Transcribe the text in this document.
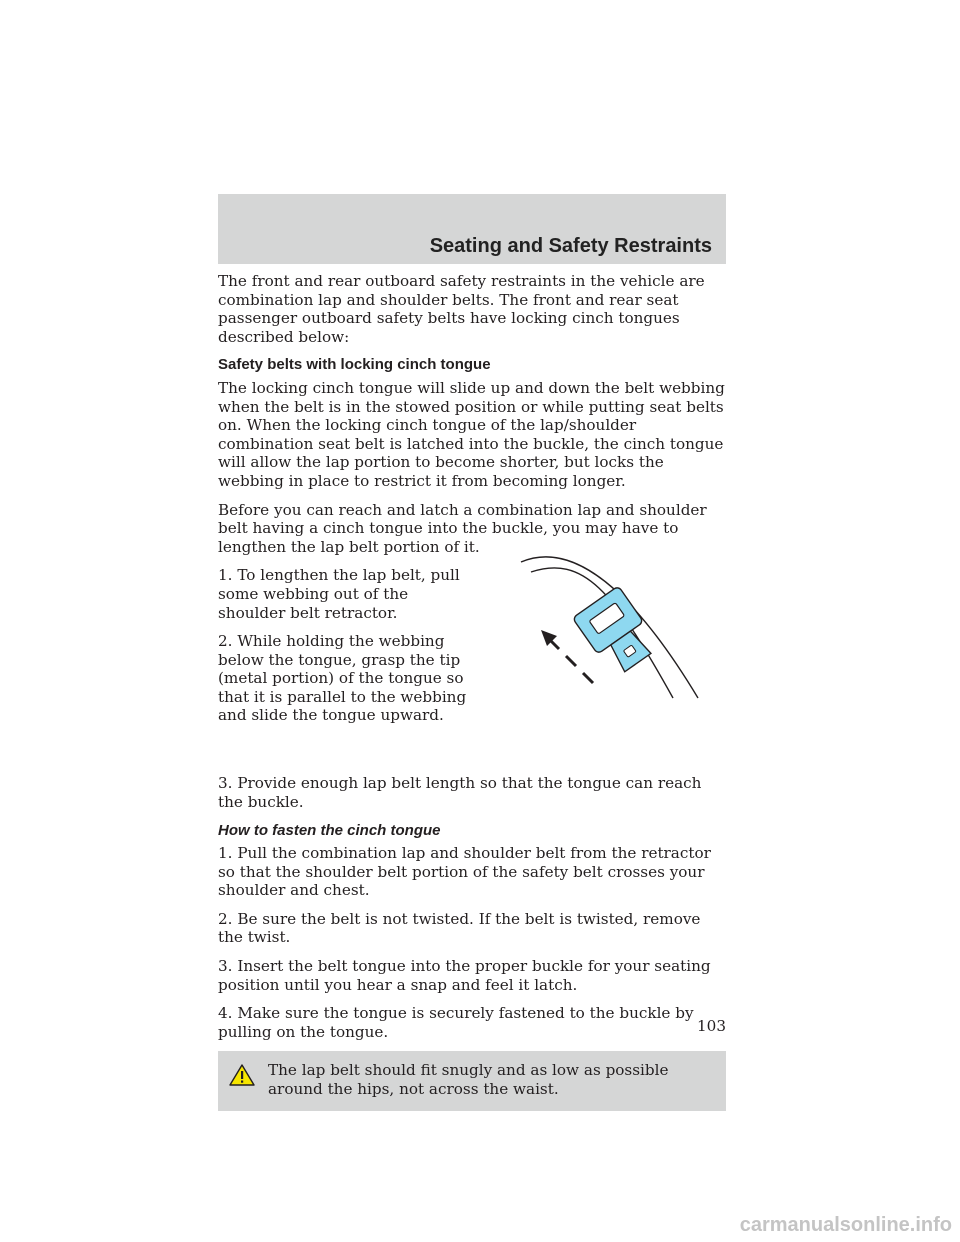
Seating and Safety Restraints

The front and rear outboard safety restraints in the vehicle are combination lap and shoulder belts. The front and rear seat passenger outboard safety belts have locking cinch tongues described below:

Safety belts with locking cinch tongue

The locking cinch tongue will slide up and down the belt webbing when the belt is in the stowed position or while putting seat belts on. When the locking cinch tongue of the lap/shoulder combination seat belt is latched into the buckle, the cinch tongue will allow the lap portion to become shorter, but locks the webbing in place to restrict it from becoming longer.

Before you can reach and latch a combination lap and shoulder belt having a cinch tongue into the buckle, you may have to lengthen the lap belt portion of it.

1. To lengthen the lap belt, pull some webbing out of the shoulder belt retractor.

2. While holding the webbing below the tongue, grasp the tip (metal portion) of the tongue so that it is parallel to the webbing and slide the tongue upward.

3. Provide enough lap belt length so that the tongue can reach the buckle.

How to fasten the cinch tongue

1. Pull the combination lap and shoulder belt from the retractor so that the shoulder belt portion of the safety belt crosses your shoulder and chest.

2. Be sure the belt is not twisted. If the belt is twisted, remove the twist.

3. Insert the belt tongue into the proper buckle for your seating position until you hear a snap and feel it latch.

4. Make sure the tongue is securely fastened to the buckle by pulling on the tongue.

The lap belt should fit snugly and as low as possible around the hips, not across the waist.

103
carmanualsonline.info
